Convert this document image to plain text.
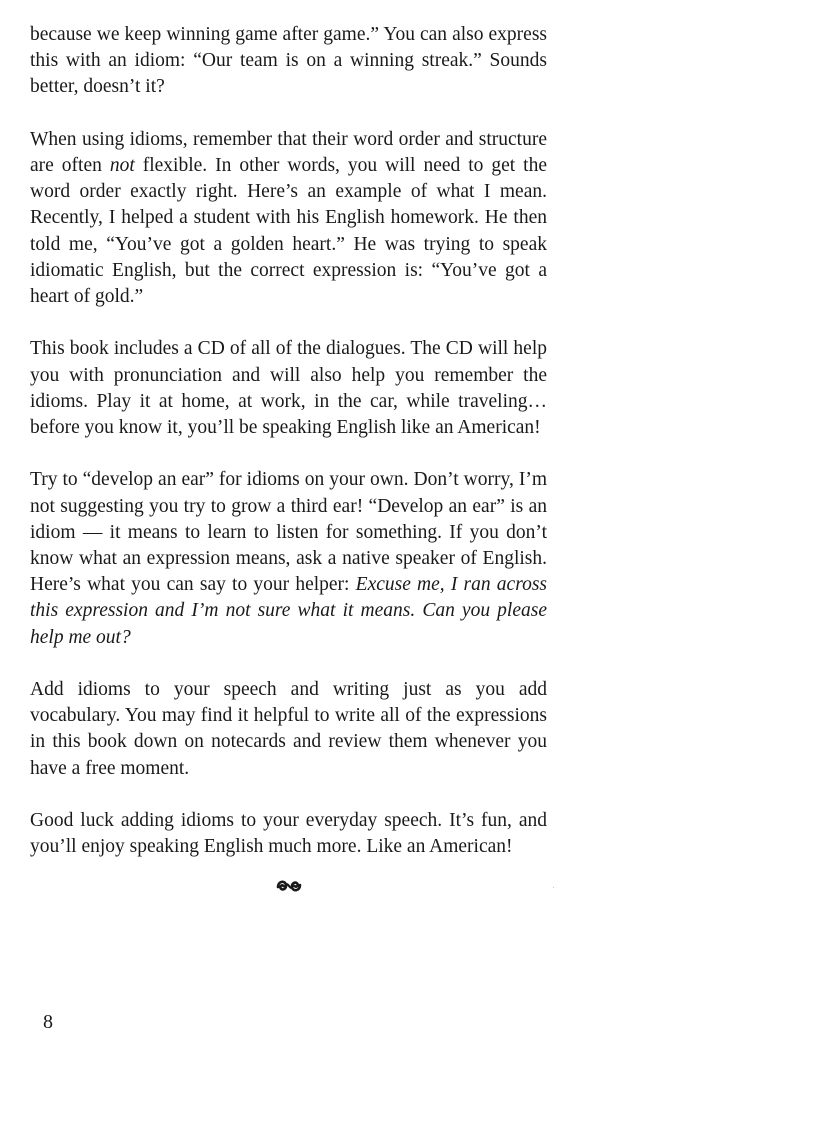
because we keep winning game after game.” You can also express this with an idiom: “Our team is on a winning streak.” Sounds better, doesn’t it?

When using idioms, remember that their word order and structure are often not flexible. In other words, you will need to get the word order exactly right. Here’s an example of what I mean. Recently, I helped a student with his English homework. He then told me, “You’ve got a golden heart.” He was trying to speak idiomatic English, but the correct expression is: “You’ve got a heart of gold.”

This book includes a CD of all of the dialogues. The CD will help you with pronunciation and will also help you remember the idioms. Play it at home, at work, in the car, while traveling…before you know it, you’ll be speaking English like an American!

Try to “develop an ear” for idioms on your own. Don’t worry, I’m not suggesting you try to grow a third ear! “Develop an ear” is an idiom — it means to learn to listen for something. If you don’t know what an expression means, ask a native speaker of English. Here’s what you can say to your helper: Excuse me, I ran across this expression and I’m not sure what it means. Can you please help me out?

Add idioms to your speech and writing just as you add vocabulary. You may find it helpful to write all of the expressions in this book down on notecards and review them whenever you have a free moment.

Good luck adding idioms to your everyday speech. It’s fun, and you’ll enjoy speaking English much more. Like an American!

8
